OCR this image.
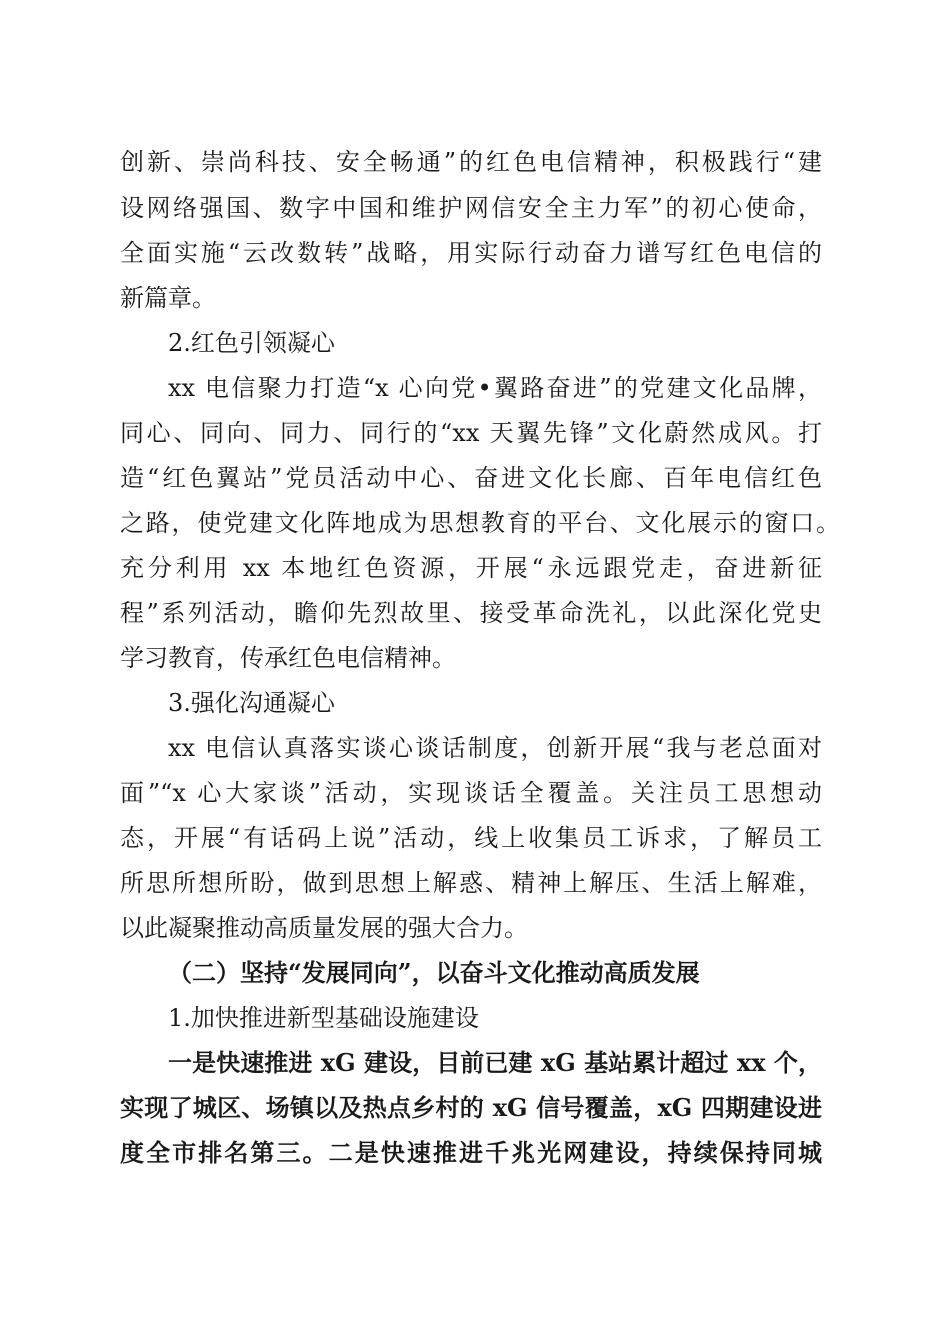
创新、崇尚科技、安全畅通”的红色电信精神，积极践行“建
设网络强国、数字中国和维护网信安全主力军”的初心使命，
全面实施“云改数转”战略，用实际行动奋力谱写红色电信的
新篇章。
2.红色引领凝心
xx 电信聚力打造“x 心向党•翼路奋进”的党建文化品牌，
同心、同向、同力、同行的“xx 天翼先锋”文化蔚然成风。打
造“红色翼站”党员活动中心、奋进文化长廊、百年电信红色
之路，使党建文化阵地成为思想教育的平台、文化展示的窗口。
充分利用 xx 本地红色资源，开展“永远跟党走，奋进新征
程”系列活动，瞻仰先烈故里、接受革命洗礼，以此深化党史
学习教育，传承红色电信精神。
3.强化沟通凝心
xx 电信认真落实谈心谈话制度，创新开展“我与老总面对
面”“x 心大家谈”活动，实现谈话全覆盖。关注员工思想动
态，开展“有话码上说”活动，线上收集员工诉求，了解员工
所思所想所盼，做到思想上解惑、精神上解压、生活上解难，
以此凝聚推动高质量发展的强大合力。
（二）坚持“发展同向”，以奋斗文化推动高质发展
1.加快推进新型基础设施建设
一是快速推进 xG 建设，目前已建 xG 基站累计超过 xx 个，
实现了城区、场镇以及热点乡村的 xG 信号覆盖，xG 四期建设进
度全市排名第三。二是快速推进千兆光网建设，持续保持同城
